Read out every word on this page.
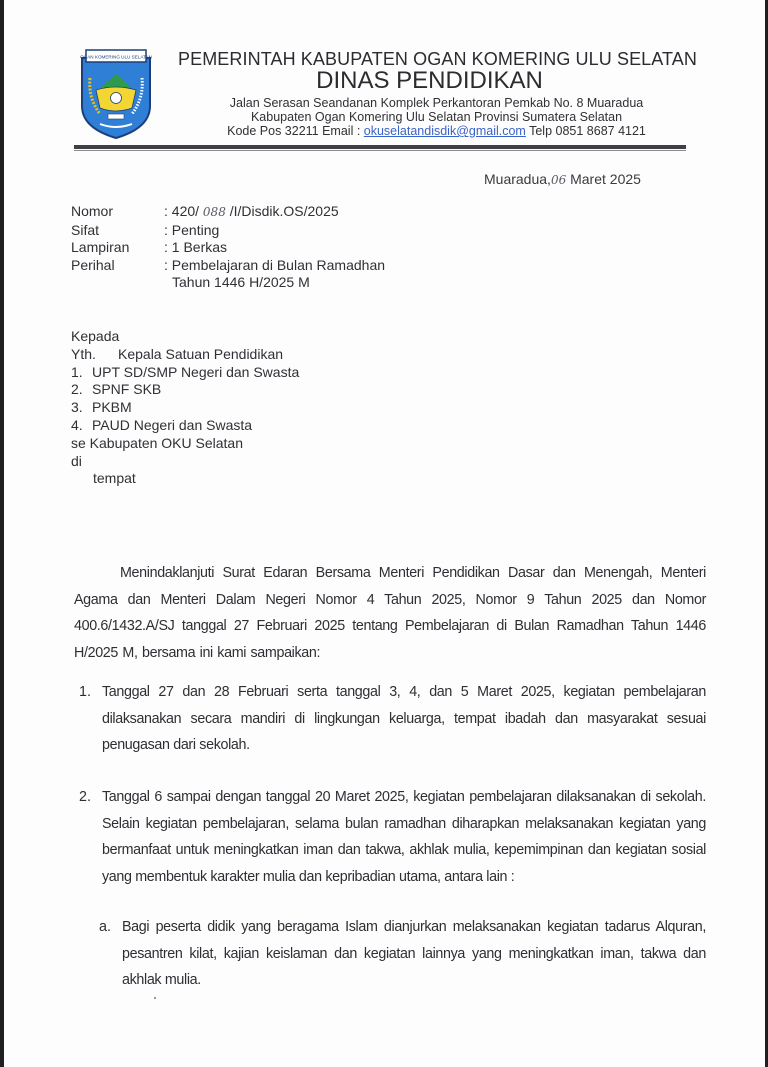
OGAN KOMERING ULU SELATAN PEMERINTAH KABUPATEN OGAN KOMERING ULU SELATAN
DINAS PENDIDIKAN
Jalan Serasan Seandanan Komplek Perkantoran Pemkab No. 8 Muaradua
Kabupaten Ogan Komering Ulu Selatan Provinsi Sumatera Selatan
Kode Pos 32211 Email : okuselatandisdik@gmail.com Telp 0851 8687 4121
Muaradua,06 Maret 2025
Nomor	: 420/ 088 /I/Disdik.OS/2025
Sifat	: Penting
Lampiran	: 1 Berkas
Perihal	: Pembelajaran di Bulan Ramadhan
Tahun 1446 H/2025 M
Kepada
Yth. Kepala Satuan Pendidikan
1. UPT SD/SMP Negeri dan Swasta
2. SPNF SKB
3. PKBM
4. PAUD Negeri dan Swasta
se Kabupaten OKU Selatan
di
tempat

Menindaklanjuti Surat Edaran Bersama Menteri Pendidikan Dasar dan Menengah, Menteri Agama dan Menteri Dalam Negeri Nomor 4 Tahun 2025, Nomor 9 Tahun 2025 dan Nomor 400.6/1432.A/SJ tanggal 27 Februari 2025 tentang Pembelajaran di Bulan Ramadhan Tahun 1446 H/2025 M, bersama ini kami sampaikan:

1. Tanggal 27 dan 28 Februari serta tanggal 3, 4, dan 5 Maret 2025, kegiatan pembelajaran dilaksanakan secara mandiri di lingkungan keluarga, tempat ibadah dan masyarakat sesuai penugasan dari sekolah.

2. Tanggal 6 sampai dengan tanggal 20 Maret 2025, kegiatan pembelajaran dilaksanakan di sekolah. Selain kegiatan pembelajaran, selama bulan ramadhan diharapkan melaksanakan kegiatan yang bermanfaat untuk meningkatkan iman dan takwa, akhlak mulia, kepemimpinan dan kegiatan sosial yang membentuk karakter mulia dan kepribadian utama, antara lain :

a. Bagi peserta didik yang beragama Islam dianjurkan melaksanakan kegiatan tadarus Alquran, pesantren kilat, kajian keislaman dan kegiatan lainnya yang meningkatkan iman, takwa dan akhlak mulia.
